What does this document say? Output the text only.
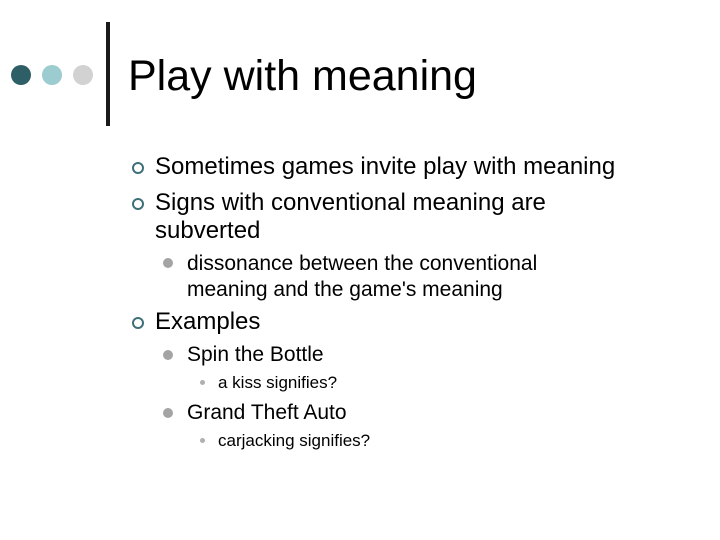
Play with meaning
Sometimes games invite play with meaning
Signs with conventional meaning are
subverted
dissonance between the conventional
meaning and the game's meaning
Examples
Spin the Bottle
a kiss signifies?
Grand Theft Auto
carjacking signifies?
